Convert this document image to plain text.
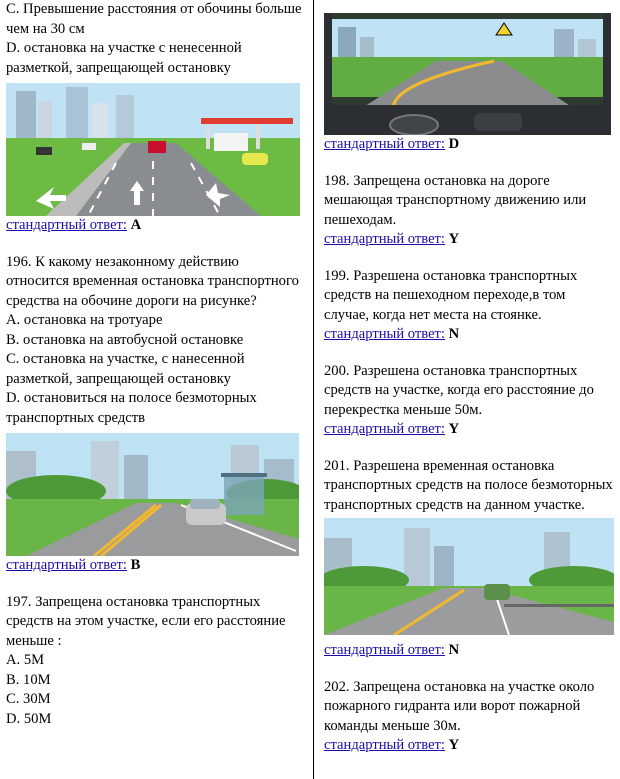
C. Превышение расстояния от обочины больше чем на 30 см

D. остановка на участке с ненесенной разметкой, запрещающей остановку

стандартный ответ: A

196. К какому незаконному действию относится временная остановка транспортного средства на обочине дороги на рисунке?

A. остановка на тротуаре

B. остановка на автобусной остановке

C. остановка на участке, с нанесенной разметкой, запрещающей остановку

D. остановиться на полосе безмоторных транспортных средств

стандартный ответ: B

197. Запрещена остановка транспортных средств на этом участке, если его расстояние меньше :

A. 5M

B. 10M

C. 30M

D. 50M

стандартный ответ: D

198. Запрещена остановка на дороге мешающая транспортному движению или пешеходам.

стандартный ответ: Y

199. Разрешена остановка транспортных средств на пешеходном переходе,в том случае, когда нет места на стоянке.

стандартный ответ: N

200. Разрешена остановка транспортных средств на участке, когда его расстояние до перекрестка меньше 50м.

стандартный ответ: Y

201. Разрешена временная остановка транспортных средств на полосе безмоторных транспортных средств на данном участке.

стандартный ответ: N

202. Запрещена остановка на участке около пожарного гидранта или ворот пожарной команды меньше 30м.

стандартный ответ: Y
